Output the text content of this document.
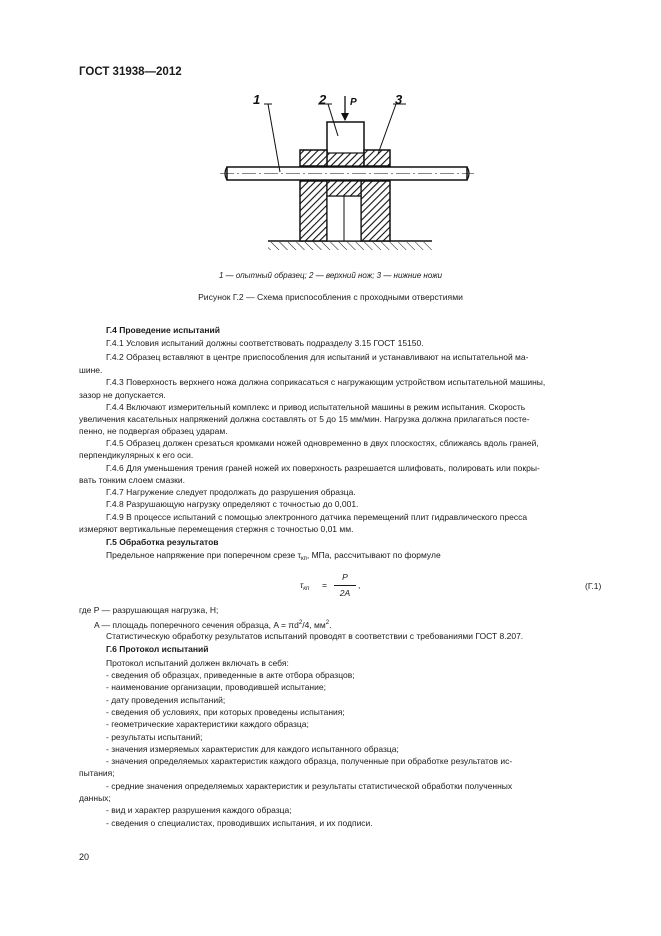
ГОСТ 31938—2012
P
1	2	3
1 — опытный образец; 2 — верхний нож; 3 — нижние ножи
Рисунок Г.2 — Схема приспособления с проходными отверстиями
Г.4 Проведение испытаний
Г.4.1 Условия испытаний должны соответствовать подразделу 3.15 ГОСТ 15150.
Г.4.2 Образец вставляют в центре приспособления для испытаний и устанавливают на испытательной ма-
шине.
Г.4.3 Поверхность верхнего ножа должна соприкасаться с нагружающим устройством испытательной машины,
зазор не допускается.
Г.4.4 Включают измерительный комплекс и привод испытательной машины в режим испытания. Скорость
увеличения касательных напряжений должна составлять от 5 до 15 мм/мин. Нагрузка должна прилагаться посте-
пенно, не подвергая образец ударам.
Г.4.5 Образец должен срезаться кромками ножей одновременно в двух плоскостях, сближаясь вдоль граней,
перпендикулярных к его оси.
Г.4.6 Для уменьшения трения граней ножей их поверхность разрешается шлифовать, полировать или покры-
вать тонким слоем смазки.
Г.4.7 Нагружение следует продолжать до разрушения образца.
Г.4.8 Разрушающую нагрузку определяют с точностью до 0,001.
Г.4.9 В процессе испытаний с помощью электронного датчика перемещений плит гидравлического пресса
измеряют вертикальные перемещения стержня с точностью 0,01 мм.
Г.5 Обработка результатов
Предельное напряжение при поперечном срезе $\tau_{кп}$, МПа, рассчитывают по формуле
$\tau_{кп}$ =
P
2A
,	(Г.1)
где P — разрушающая нагрузка, Н;
A — площадь поперечного сечения образца, $A = \pi d^2/4$, $мм^2$.
Статистическую обработку результатов испытаний проводят в соответствии с требованиями ГОСТ 8.207.
Г.6 Протокол испытаний
Протокол испытаний должен включать в себя:
- сведения об образцах, приведенные в акте отбора образцов;
- наименование организации, проводившей испытание;
- дату проведения испытаний;
- сведения об условиях, при которых проведены испытания;
- геометрические характеристики каждого образца;
- результаты испытаний;
- значения измеряемых характеристик для каждого испытанного образца;
- значения определяемых характеристик каждого образца, полученные при обработке результатов ис-
пытания;
- средние значения определяемых характеристик и результаты статистической обработки полученных
данных;
- вид и характер разрушения каждого образца;
- сведения о специалистах, проводивших испытания, и их подписи.
20
